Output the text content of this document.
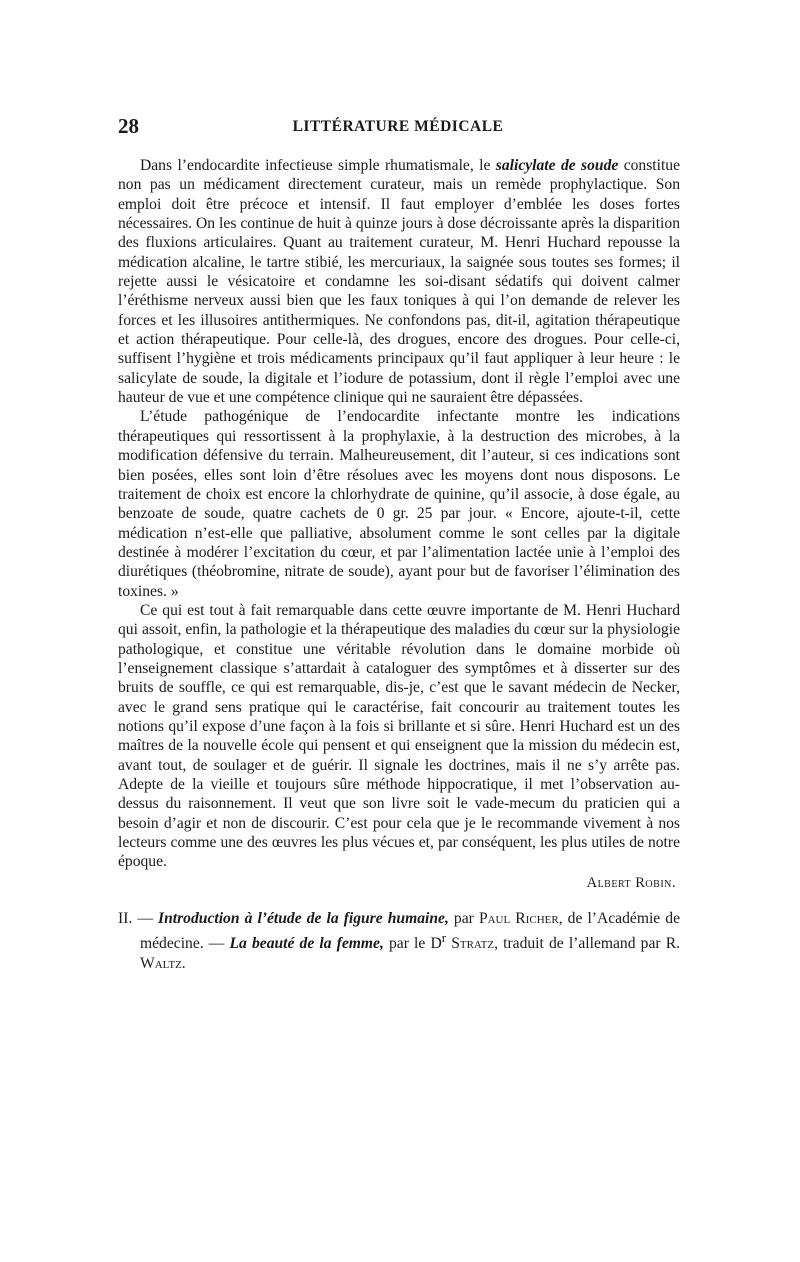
28	LITTÉRATURE MÉDICALE

Dans l’endocardite infectieuse simple rhumatismale, le salicylate de soude constitue non pas un médicament directement curateur, mais un remède prophylactique. Son emploi doit être précoce et intensif. Il faut employer d’emblée les doses fortes nécessaires. On les continue de huit à quinze jours à dose décroissante après la disparition des fluxions articulaires. Quant au traitement curateur, M. Henri Huchard repousse la médication alcaline, le tartre stibié, les mercuriaux, la saignée sous toutes ses formes; il rejette aussi le vésicatoire et condamne les soi-disant sédatifs qui doivent calmer l’éréthisme nerveux aussi bien que les faux toniques à qui l’on demande de relever les forces et les illusoires antithermiques. Ne confondons pas, dit-il, agitation thérapeutique et action thérapeutique. Pour celle-là, des drogues, encore des drogues. Pour celle-ci, suffisent l’hygiène et trois médicaments principaux qu’il faut appliquer à leur heure : le salicylate de soude, la digitale et l’iodure de potassium, dont il règle l’emploi avec une hauteur de vue et une compétence clinique qui ne sauraient être dépassées.

L’étude pathogénique de l’endocardite infectante montre les indications thérapeutiques qui ressortissent à la prophylaxie, à la destruction des microbes, à la modification défensive du terrain. Malheureusement, dit l’auteur, si ces indications sont bien posées, elles sont loin d’être résolues avec les moyens dont nous disposons. Le traitement de choix est encore la chlorhydrate de quinine, qu’il associe, à dose égale, au benzoate de soude, quatre cachets de 0 gr. 25 par jour. « Encore, ajoute-t-il, cette médication n’est-elle que palliative, absolument comme le sont celles par la digitale destinée à modérer l’excitation du cœur, et par l’alimentation lactée unie à l’emploi des diurétiques (théobromine, nitrate de soude), ayant pour but de favoriser l’élimination des toxines. »

Ce qui est tout à fait remarquable dans cette œuvre importante de M. Henri Huchard qui assoit, enfin, la pathologie et la thérapeutique des maladies du cœur sur la physiologie pathologique, et constitue une véritable révolution dans le domaine morbide où l’enseignement classique s’attardait à cataloguer des symptômes et à disserter sur des bruits de souffle, ce qui est remarquable, dis-je, c’est que le savant médecin de Necker, avec le grand sens pratique qui le caractérise, fait concourir au traitement toutes les notions qu’il expose d’une façon à la fois si brillante et si sûre. Henri Huchard est un des maîtres de la nouvelle école qui pensent et qui enseignent que la mission du médecin est, avant tout, de soulager et de guérir. Il signale les doctrines, mais il ne s’y arrête pas. Adepte de la vieille et toujours sûre méthode hippocratique, il met l’observation au-dessus du raisonnement. Il veut que son livre soit le vade-mecum du praticien qui a besoin d’agir et non de discourir. C’est pour cela que je le recommande vivement à nos lecteurs comme une des œuvres les plus vécues et, par conséquent, les plus utiles de notre époque.

Albert Robin.
II. — Introduction à l’étude de la figure humaine, par Paul Richer, de l’Académie de médecine. — La beauté de la femme, par le $D^r$ Stratz, traduit de l’allemand par R. Waltz.
